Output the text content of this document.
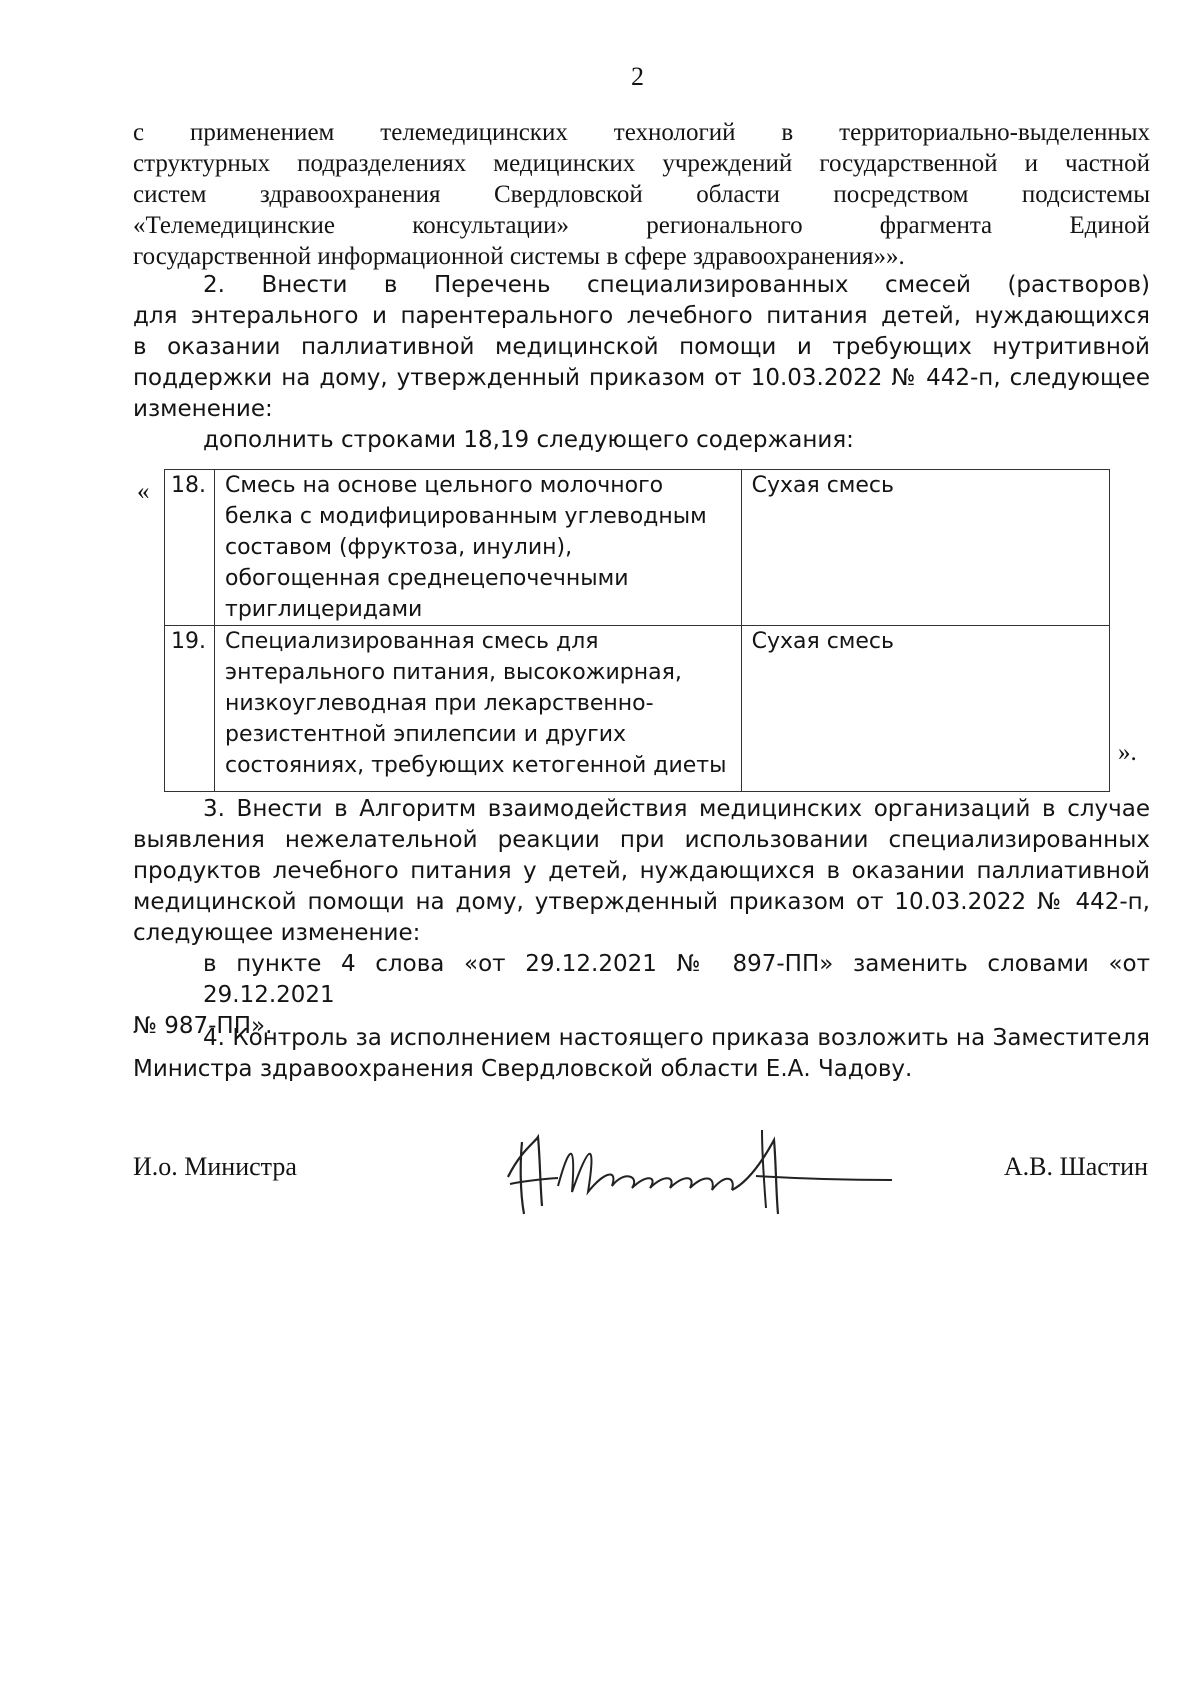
2
с применением телемедицинских технологий в территориально-выделенных
структурных подразделениях медицинских учреждений государственной и частной
систем здравоохранения Свердловской области посредством подсистемы
«Телемедицинские консультации» регионального фрагмента Единой
государственной информационной системы в сфере здравоохранения»».
2. Внести в Перечень специализированных смесей (растворов)
для энтерального и парентерального лечебного питания детей, нуждающихся
в оказании паллиативной медицинской помощи и требующих нутритивной
поддержки на дому, утвержденный приказом от 10.03.2022 № 442-п, следующее
изменение:
дополнить строками 18,19 следующего содержания:
« 18.	Смесь на основе цельного молочного белка с модифицированным углеводным составом (фруктоза, инулин), обогощенная среднецепочечными триглицеридами	Сухая смесь
19.	Специализированная смесь для энтерального питания, высокожирная, низкоуглеводная при лекарственно-резистентной эпилепсии и других состояниях, требующих кетогенной диеты	Сухая смесь
».
3. Внести в Алгоритм взаимодействия медицинских организаций в случае
выявления нежелательной реакции при использовании специализированных
продуктов лечебного питания у детей, нуждающихся в оказании паллиативной
медицинской помощи на дому, утвержденный приказом от 10.03.2022 № 442-п,
следующее изменение:
в пункте 4 слова «от 29.12.2021 № 897-ПП» заменить словами «от 29.12.2021
№ 987-ПП».
4. Контроль за исполнением настоящего приказа возложить на Заместителя
Министра здравоохранения Свердловской области Е.А. Чадову.
И.о. Министра	А.В. Шастин
